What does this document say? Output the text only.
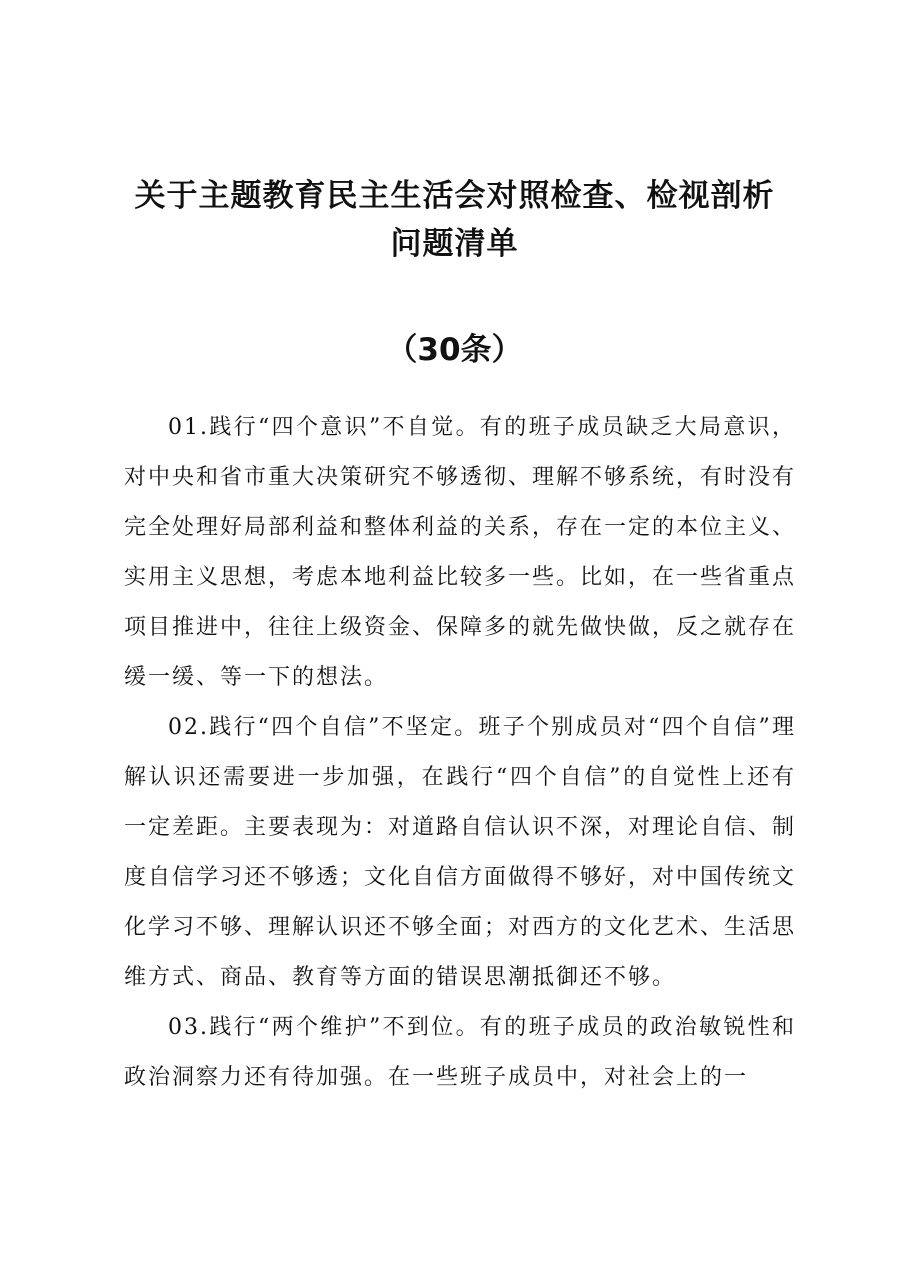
关于主题教育民主生活会对照检查、检视剖析
问题清单
（30条）

01.践行“四个意识”不自觉。有的班子成员缺乏大局意识，对中央和省市重大决策研究不够透彻、理解不够系统，有时没有完全处理好局部利益和整体利益的关系，存在一定的本位主义、实用主义思想，考虑本地利益比较多一些。比如，在一些省重点项目推进中，往往上级资金、保障多的就先做快做，反之就存在缓一缓、等一下的想法。

02.践行“四个自信”不坚定。班子个别成员对“四个自信”理解认识还需要进一步加强，在践行“四个自信”的自觉性上还有一定差距。主要表现为：对道路自信认识不深，对理论自信、制度自信学习还不够透；文化自信方面做得不够好，对中国传统文化学习不够、理解认识还不够全面；对西方的文化艺术、生活思维方式、商品、教育等方面的错误思潮抵御还不够。

03.践行“两个维护”不到位。有的班子成员的政治敏锐性和政治洞察力还有待加强。在一些班子成员中，对社会上的一
